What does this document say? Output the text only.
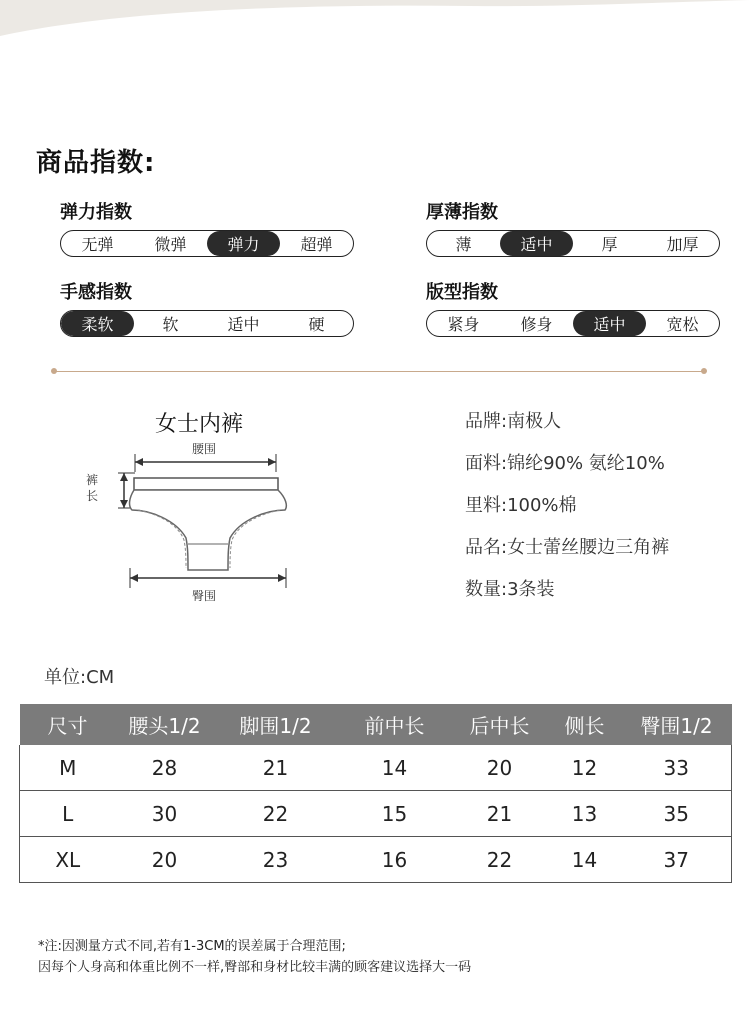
商品指数:
弹力指数
无弹	微弹	弹力	超弹
厚薄指数
薄	适中	厚	加厚
手感指数
柔软	软	适中	硬
版型指数
紧身	修身	适中	宽松
女士内裤
腰围
裤
长
臀围
品牌:南极人
面料:锦纶90% 氨纶10%
里料:100%棉
品名:女士蕾丝腰边三角裤
数量:3条装
单位:CM
尺寸	腰头1/2	脚围1/2	前中长	后中长	侧长	臀围1/2
M	28	21	14	20	12	33
L	30	22	15	21	13	35
XL	20	23	16	22	14	37
*注:因测量方式不同,若有1-3CM的误差属于合理范围;
因每个人身高和体重比例不一样,臀部和身材比较丰满的顾客建议选择大一码
